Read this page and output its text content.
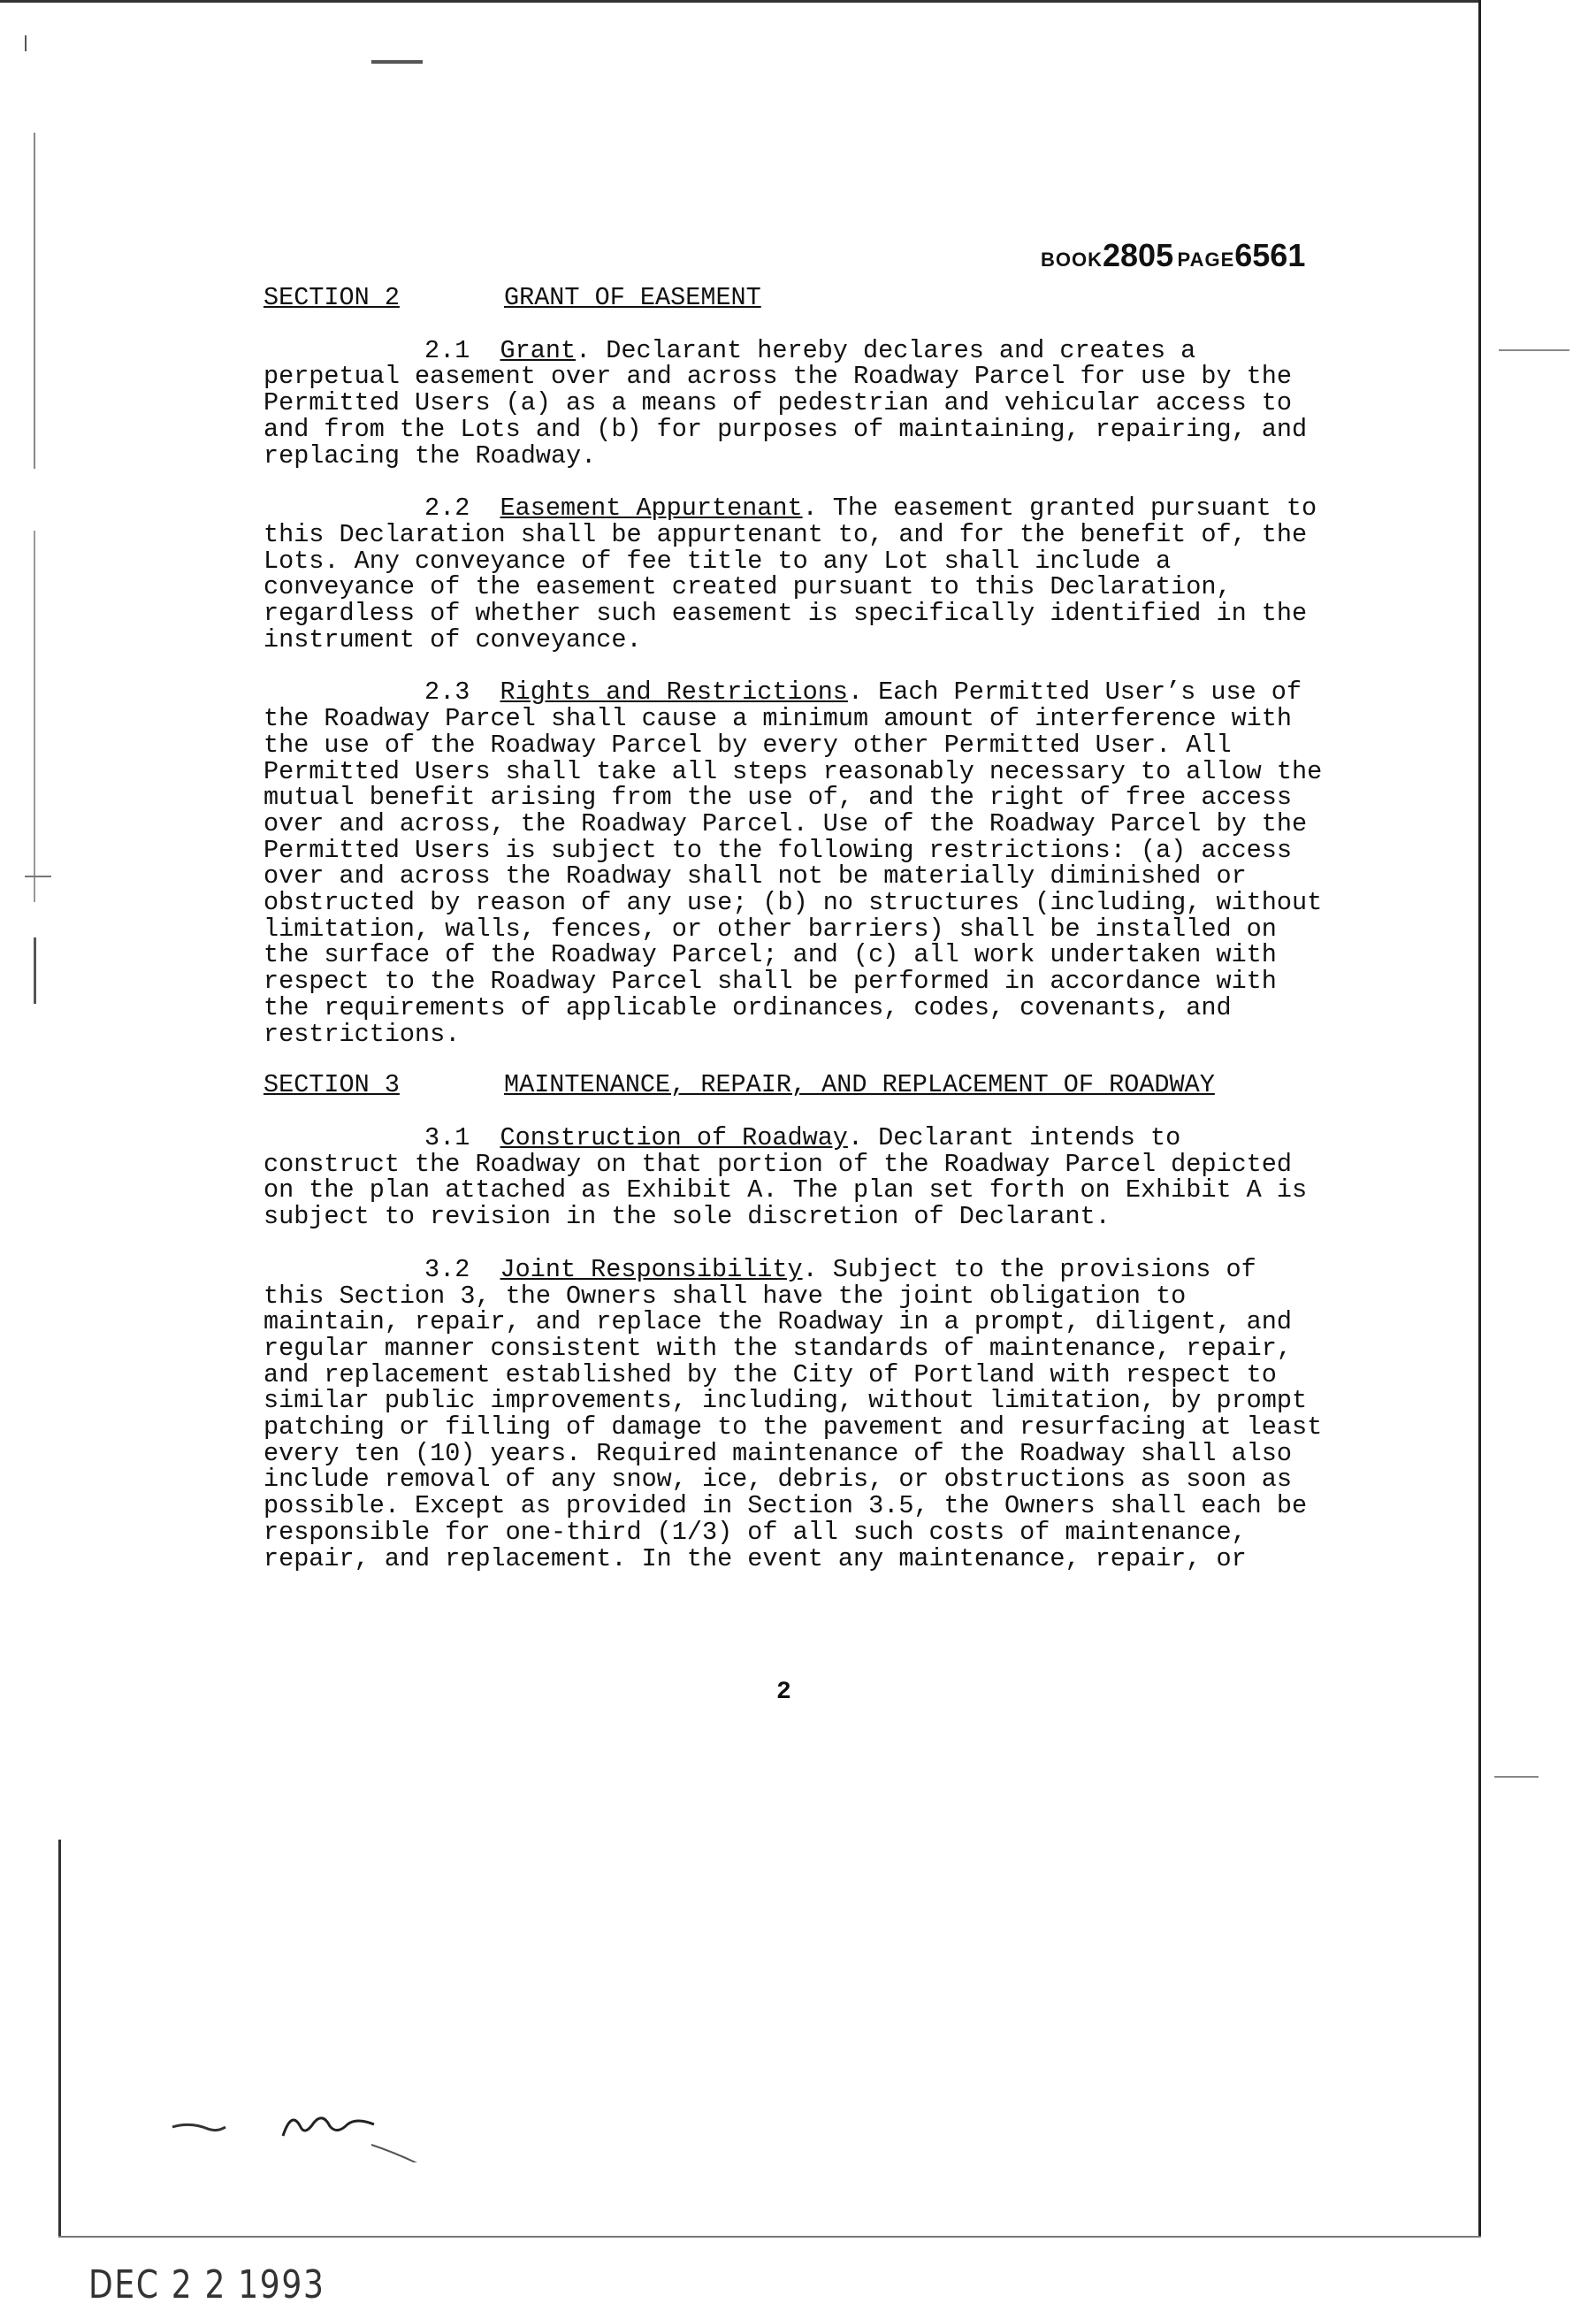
BOOK2805 PAGE6561
SECTION 2	GRANT OF EASEMENT

2.1 Grant. Declarant hereby declares and creates a perpetual easement over and across the Roadway Parcel for use by the Permitted Users (a) as a means of pedestrian and vehicular access to and from the Lots and (b) for purposes of maintaining, repairing, and replacing the Roadway.

2.2 Easement Appurtenant. The easement granted pursuant to this Declaration shall be appurtenant to, and for the benefit of, the Lots. Any conveyance of fee title to any Lot shall include a conveyance of the easement created pursuant to this Declaration, regardless of whether such easement is specifically identified in the instrument of conveyance.

2.3 Rights and Restrictions. Each Permitted User’s use of the Roadway Parcel shall cause a minimum amount of interference with the use of the Roadway Parcel by every other Permitted User. All Permitted Users shall take all steps reasonably necessary to allow the mutual benefit arising from the use of, and the right of free access over and across, the Roadway Parcel. Use of the Roadway Parcel by the Permitted Users is subject to the following restrictions: (a) access over and across the Roadway shall not be materially diminished or obstructed by reason of any use; (b) no structures (including, without limitation, walls, fences, or other barriers) shall be installed on the surface of the Roadway Parcel; and (c) all work undertaken with respect to the Roadway Parcel shall be performed in accordance with the requirements of applicable ordinances, codes, covenants, and restrictions.

SECTION 3	MAINTENANCE, REPAIR, AND REPLACEMENT OF ROADWAY

3.1 Construction of Roadway. Declarant intends to construct the Roadway on that portion of the Roadway Parcel depicted on the plan attached as Exhibit A. The plan set forth on Exhibit A is subject to revision in the sole discretion of Declarant.

3.2 Joint Responsibility. Subject to the provisions of this Section 3, the Owners shall have the joint obligation to maintain, repair, and replace the Roadway in a prompt, diligent, and regular manner consistent with the standards of maintenance, repair, and replacement established by the City of Portland with respect to similar public improvements, including, without limitation, by prompt patching or filling of damage to the pavement and resurfacing at least every ten (10) years. Required maintenance of the Roadway shall also include removal of any snow, ice, debris, or obstructions as soon as possible. Except as provided in Section 3.5, the Owners shall each be responsible for one-third (1/3) of all such costs of maintenance, repair, and replacement. In the event any maintenance, repair, or

2
DEC 2 2 1993
